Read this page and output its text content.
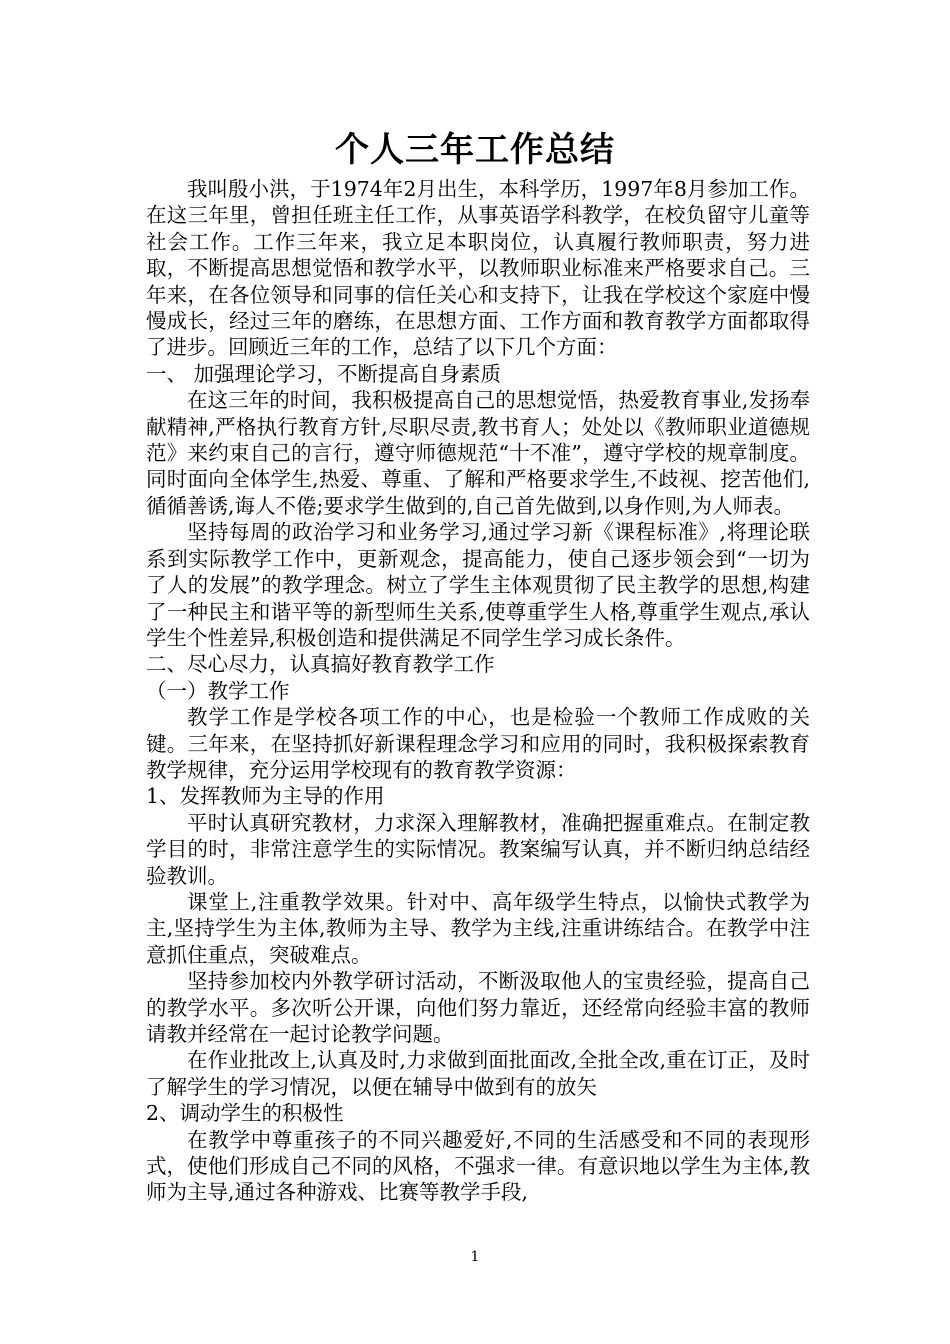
个人三年工作总结

我叫殷小洪，于1974年2月出生，本科学历，1997年8月参加工作。在这三年里，曾担任班主任工作，从事英语学科教学，在校负留守儿童等社会工作。工作三年来，我立足本职岗位，认真履行教师职责，努力进取，不断提高思想觉悟和教学水平，以教师职业标准来严格要求自己。三年来，在各位领导和同事的信任关心和支持下，让我在学校这个家庭中慢慢成长，经过三年的磨练，在思想方面、工作方面和教育教学方面都取得了进步。回顾近三年的工作，总结了以下几个方面：

一、 加强理论学习，不断提高自身素质

在这三年的时间，我积极提高自己的思想觉悟，热爱教育事业,发扬奉献精神,严格执行教育方针,尽职尽责,教书育人；处处以《教师职业道德规范》来约束自己的言行，遵守师德规范“十不准”，遵守学校的规章制度。同时面向全体学生,热爱、尊重、了解和严格要求学生,不歧视、挖苦他们,循循善诱,诲人不倦;要求学生做到的,自己首先做到,以身作则,为人师表。

坚持每周的政治学习和业务学习,通过学习新《课程标准》,将理论联系到实际教学工作中，更新观念，提高能力，使自己逐步领会到“一切为了人的发展”的教学理念。树立了学生主体观贯彻了民主教学的思想,构建了一种民主和谐平等的新型师生关系,使尊重学生人格,尊重学生观点,承认学生个性差异,积极创造和提供满足不同学生学习成长条件。

二、尽心尽力，认真搞好教育教学工作

（一）教学工作

教学工作是学校各项工作的中心，也是检验一个教师工作成败的关键。三年来，在坚持抓好新课程理念学习和应用的同时，我积极探索教育教学规律，充分运用学校现有的教育教学资源：

1、发挥教师为主导的作用

平时认真研究教材，力求深入理解教材，准确把握重难点。在制定教学目的时，非常注意学生的实际情况。教案编写认真，并不断归纳总结经验教训。

课堂上,注重教学效果。针对中、高年级学生特点，以愉快式教学为主,坚持学生为主体,教师为主导、教学为主线,注重讲练结合。在教学中注意抓住重点，突破难点。

坚持参加校内外教学研讨活动，不断汲取他人的宝贵经验，提高自己的教学水平。多次听公开课，向他们努力靠近，还经常向经验丰富的教师请教并经常在一起讨论教学问题。

在作业批改上,认真及时,力求做到面批面改,全批全改,重在订正，及时了解学生的学习情况，以便在辅导中做到有的放矢

2、调动学生的积极性

在教学中尊重孩子的不同兴趣爱好,不同的生活感受和不同的表现形式，使他们形成自己不同的风格，不强求一律。有意识地以学生为主体,教师为主导,通过各种游戏、比赛等教学手段,

1
